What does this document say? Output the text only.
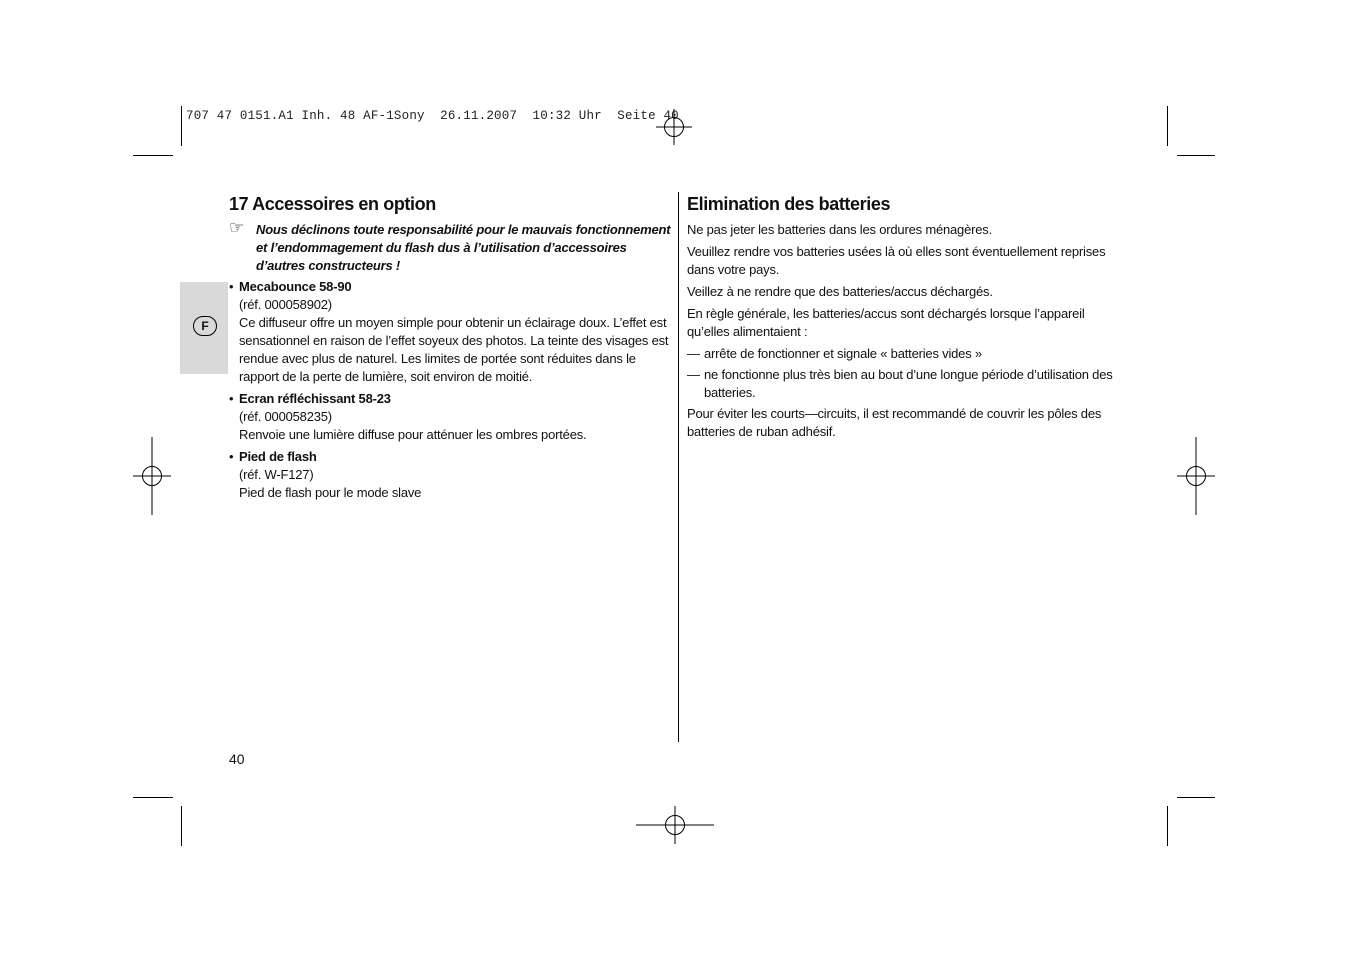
707 47 0151.A1 Inh. 48 AF-1Sony  26.11.2007  10:32 Uhr  Seite 40
F
17 Accessoires en option
☞ Nous déclinons toute responsabilité pour le mauvais fonctionnement et l’endommagement du flash dus à l’utilisation d’accessoires d’autres constructeurs !
• Mecabounce 58-90
(réf. 000058902)
Ce diffuseur offre un moyen simple pour obtenir un éclairage doux. L’effet est sensationnel en raison de l’effet soyeux des photos. La teinte des visages est rendue avec plus de naturel. Les limites de portée sont réduites dans le rapport de la perte de lumière, soit environ de moitié.
• Ecran réfléchissant 58-23
(réf. 000058235)
Renvoie une lumière diffuse pour atténuer les ombres portées.
• Pied de flash
(réf. W-F127)
Pied de flash pour le mode slave
Elimination des batteries

Ne pas jeter les batteries dans les ordures ménagères.

Veuillez rendre vos batteries usées là où elles sont éventuellement reprises dans votre pays.

Veillez à ne rendre que des batteries/accus déchargés.

En règle générale, les batteries/accus sont déchargés lorsque l’appareil qu’elles alimentaient :

— arrête de fonctionner et signale « batteries vides »
— ne fonctionne plus très bien au bout d’une longue période d’utilisation des batteries.

Pour éviter les courts—circuits, il est recommandé de couvrir les pôles des batteries de ruban adhésif.

40
